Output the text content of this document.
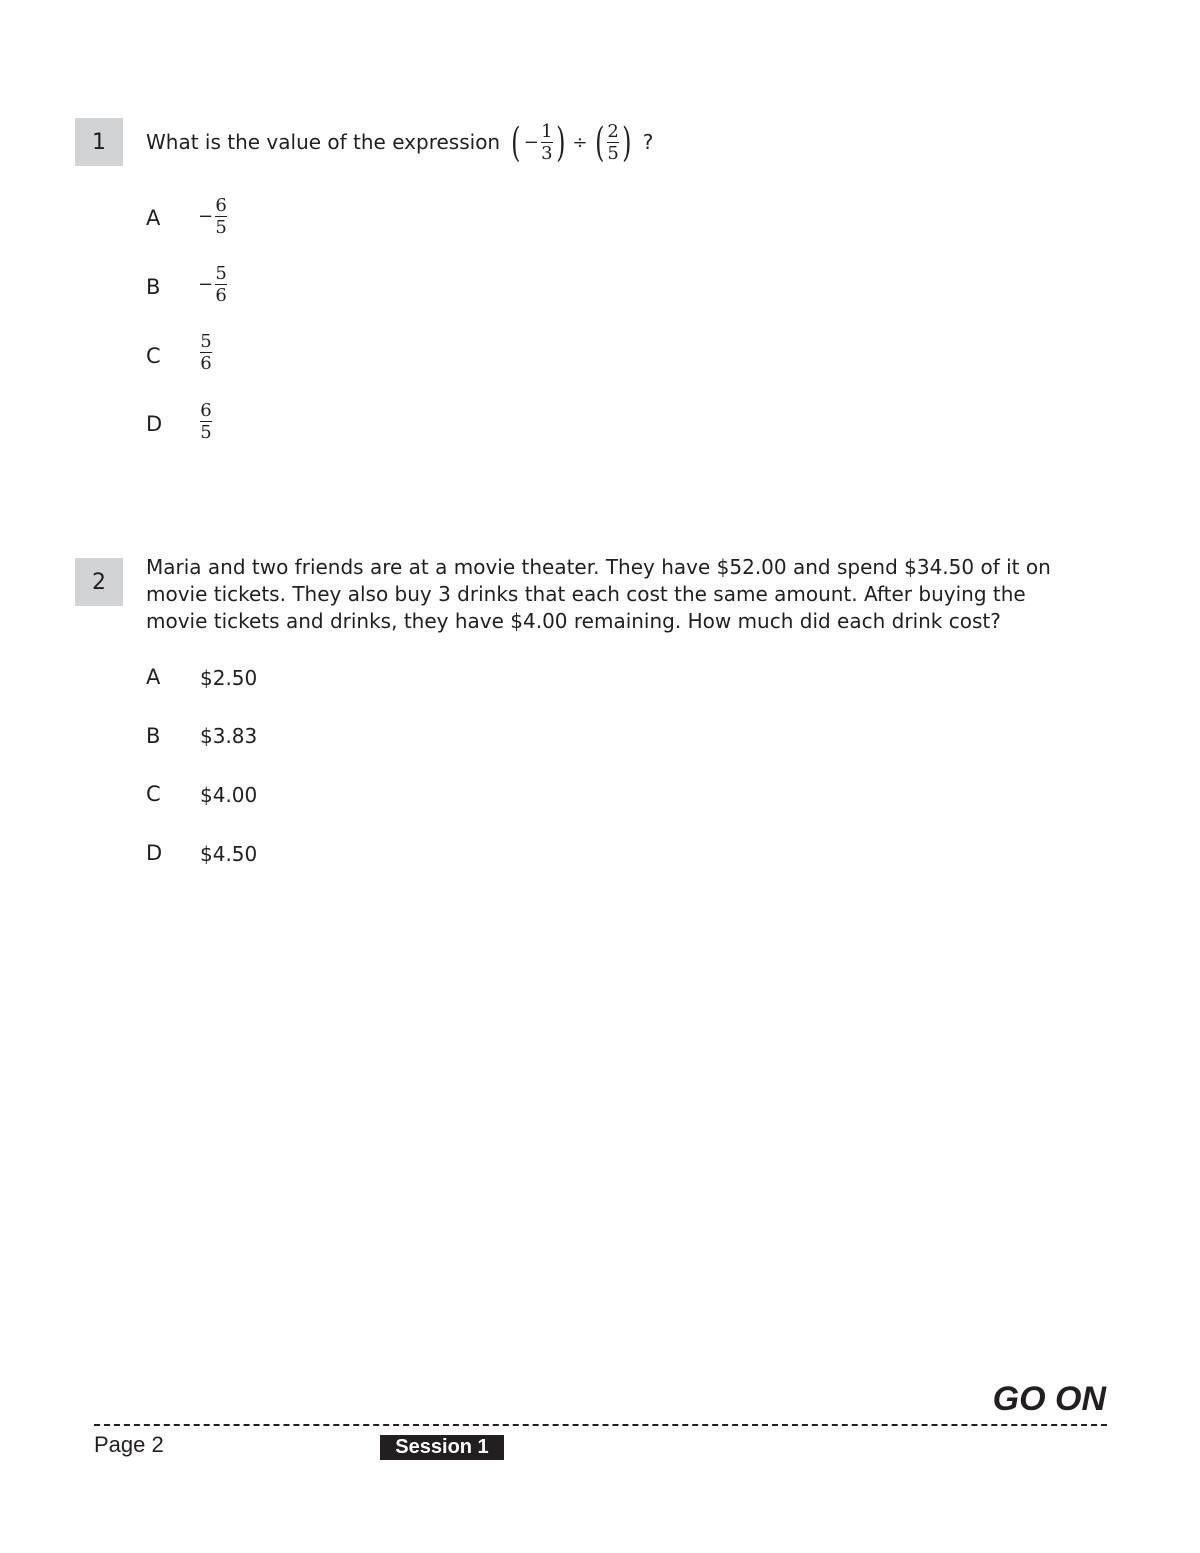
1	What is the value of the expression ( − $\frac{1}{3}$ ) ÷ ( $\frac{2}{5}$ ) ?
A	− $\frac{6}{5}$
B	− $\frac{5}{6}$
C	$\frac{5}{6}$
D	$\frac{6}{5}$
2
Maria and two friends are at a movie theater. They have $52.00 and spend $34.50 of it on
movie tickets. They also buy 3 drinks that each cost the same amount. After buying the
movie tickets and drinks, they have $4.00 remaining. How much did each drink cost?
A	$2.50
B	$3.83
C	$4.00
D	$4.50
GO ON
Page 2	Session 1
